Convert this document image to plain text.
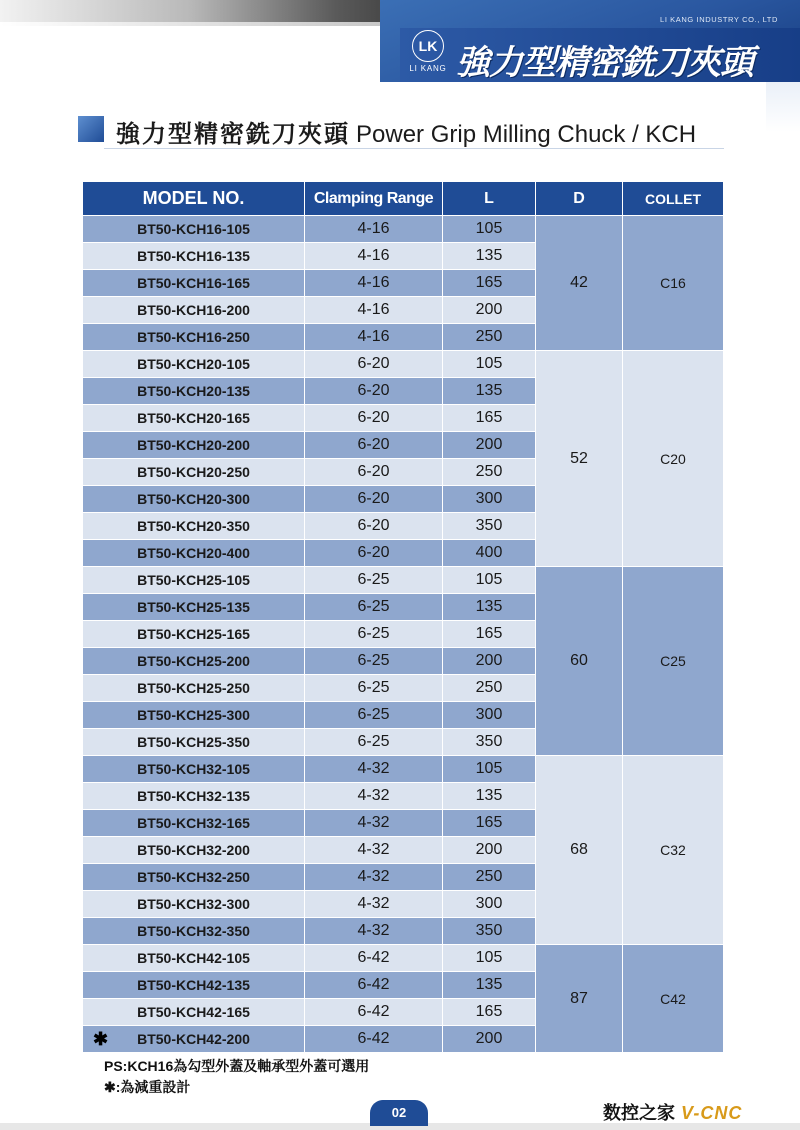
LI KANG INDUSTRY CO., LTD
LK
LI KANG 強力型精密銑刀夾頭
強力型精密銑刀夾頭 Power Grip Milling Chuck / KCH
MODEL NO.	Clamping Range	L	D	COLLET
BT50-KCH16-105	4-16	105	42	C16
BT50-KCH16-135	4-16	135		
BT50-KCH16-165	4-16	165		
BT50-KCH16-200	4-16	200		
BT50-KCH16-250	4-16	250		
BT50-KCH20-105	6-20	105	52	C20
BT50-KCH20-135	6-20	135		
BT50-KCH20-165	6-20	165		
BT50-KCH20-200	6-20	200		
BT50-KCH20-250	6-20	250		
BT50-KCH20-300	6-20	300		
BT50-KCH20-350	6-20	350		
BT50-KCH20-400	6-20	400		
BT50-KCH25-105	6-25	105	60	C25
BT50-KCH25-135	6-25	135		
BT50-KCH25-165	6-25	165		
BT50-KCH25-200	6-25	200		
BT50-KCH25-250	6-25	250		
BT50-KCH25-300	6-25	300		
BT50-KCH25-350	6-25	350		
BT50-KCH32-105	4-32	105	68	C32
BT50-KCH32-135	4-32	135		
BT50-KCH32-165	4-32	165		
BT50-KCH32-200	4-32	200		
BT50-KCH32-250	4-32	250		
BT50-KCH32-300	4-32	300		
BT50-KCH32-350	4-32	350		
BT50-KCH42-105	6-42	105	87	C42
BT50-KCH42-135	6-42	135		
BT50-KCH42-165	6-42	165		

✱ BT50-KCH42-200	6-42	200		
PS:KCH16為勾型外蓋及軸承型外蓋可選用
✱:為減重設計
02	数控之家 V-CNC
